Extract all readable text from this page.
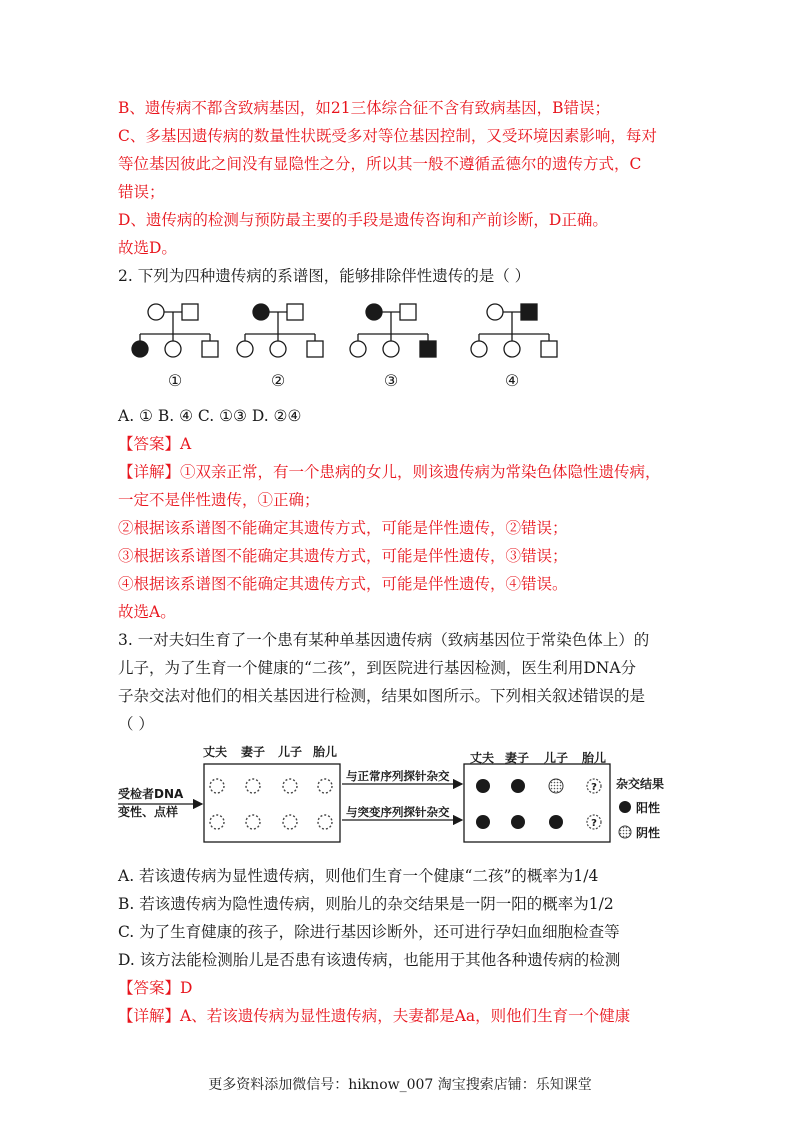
B、遗传病不都含致病基因，如21三体综合征不含有致病基因，B错误；
C、多基因遗传病的数量性状既受多对等位基因控制，又受环境因素影响，每对
等位基因彼此之间没有显隐性之分，所以其一般不遵循孟德尔的遗传方式，C
错误；
D、遗传病的检测与预防最主要的手段是遗传咨询和产前诊断，D正确。
故选D。
2. 下列为四种遗传病的系谱图，能够排除伴性遗传的是（ ）
A. ① B. ④ C. ①③ D. ②④
【答案】A
【详解】①双亲正常，有一个患病的女儿，则该遗传病为常染色体隐性遗传病，
一定不是伴性遗传，①正确；
②根据该系谱图不能确定其遗传方式，可能是伴性遗传，②错误；
③根据该系谱图不能确定其遗传方式，可能是伴性遗传，③错误；
④根据该系谱图不能确定其遗传方式，可能是伴性遗传，④错误。
故选A。
3. 一对夫妇生育了一个患有某种单基因遗传病（致病基因位于常染色体上）的
儿子，为了生育一个健康的“二孩”，到医院进行基因检测，医生利用DNA分
子杂交法对他们的相关基因进行检测，结果如图所示。下列相关叙述错误的是
（ ）
A. 若该遗传病为显性遗传病，则他们生育一个健康“二孩”的概率为1/4
B. 若该遗传病为隐性遗传病，则胎儿的杂交结果是一阴一阳的概率为1/2
C. 为了生育健康的孩子，除进行基因诊断外，还可进行孕妇血细胞检查等
D. 该方法能检测胎儿是否患有该遗传病，也能用于其他各种遗传病的检测
【答案】D
【详解】A、若该遗传病为显性遗传病，夫妻都是Aa，则他们生育一个健康
①	②	③	④
受检者DNA
变性、点样
丈夫 妻子 儿子 胎儿
与正常序列探针杂交
与突变序列探针杂交
丈夫 妻子 儿子 胎儿
?
?
杂交结果
阳性
阴性
更多资料添加微信号：hiknow_007 淘宝搜索店铺：乐知课堂
